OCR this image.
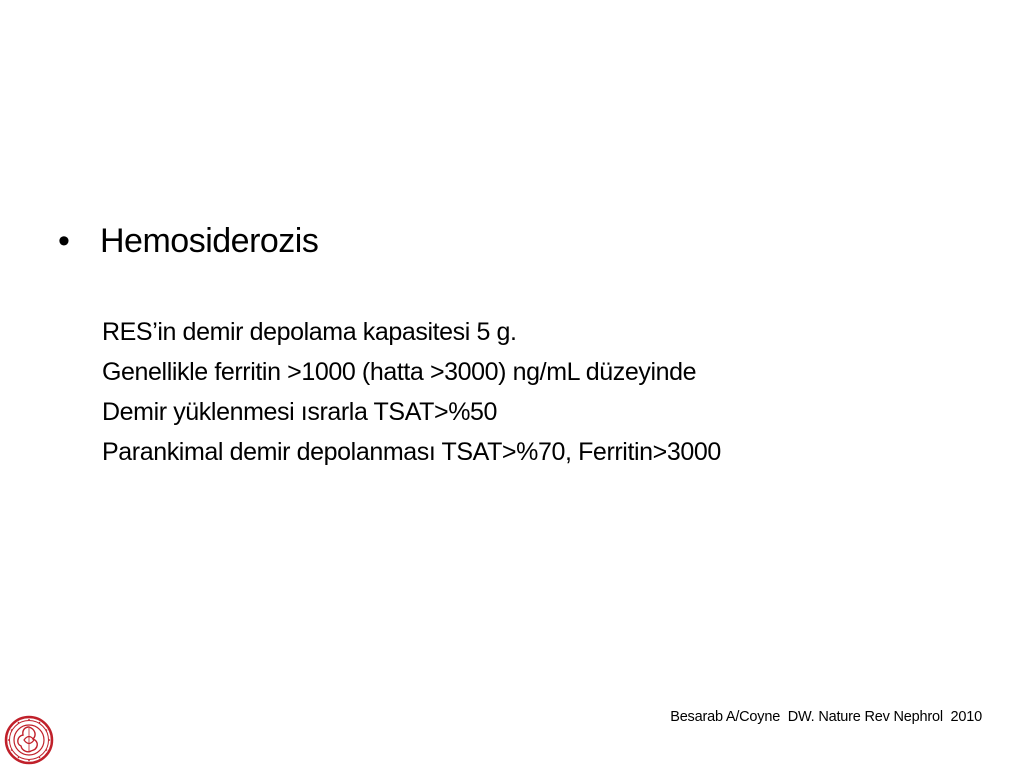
• Hemosiderozis
RES’in demir depolama kapasitesi 5 g.
Genellikle ferritin >1000 (hatta >3000) ng/mL düzeyinde
Demir yüklenmesi ısrarla TSAT>%50
Parankimal demir depolanması TSAT>%70, Ferritin>3000
Besarab A/Coyne  DW. Nature Rev Nephrol  2010
